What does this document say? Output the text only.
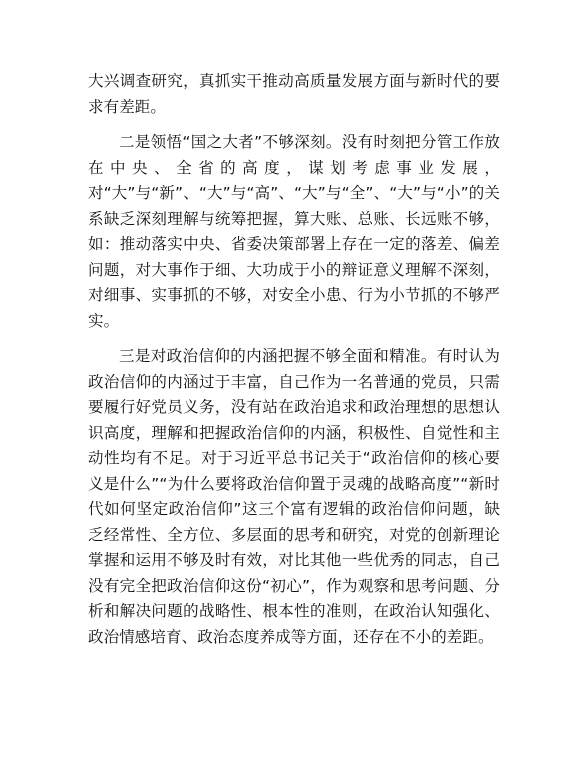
大兴调查研究，真抓实干推动高质量发展方面与新时代的要求有差距。

二是领悟“国之大者”不够深刻。没有时刻把分管工作放在中央、全省的高度，谋划考虑事业发展，对“大”与“新”、“大”与“高”、“大”与“全”、“大”与“小”的关系缺乏深刻理解与统筹把握，算大账、总账、长远账不够，如：推动落实中央、省委决策部署上存在一定的落差、偏差问题，对大事作于细、大功成于小的辩证意义理解不深刻，对细事、实事抓的不够，对安全小患、行为小节抓的不够严实。

三是对政治信仰的内涵把握不够全面和精准。有时认为政治信仰的内涵过于丰富，自己作为一名普通的党员，只需要履行好党员义务，没有站在政治追求和政治理想的思想认识高度，理解和把握政治信仰的内涵，积极性、自觉性和主动性均有不足。对于习近平总书记关于“政治信仰的核心要义是什么”“为什么要将政治信仰置于灵魂的战略高度”“新时代如何坚定政治信仰”这三个富有逻辑的政治信仰问题，缺乏经常性、全方位、多层面的思考和研究，对党的创新理论掌握和运用不够及时有效，对比其他一些优秀的同志，自己没有完全把政治信仰这份“初心”，作为观察和思考问题、分析和解决问题的战略性、根本性的准则，在政治认知强化、政治情感培育、政治态度养成等方面，还存在不小的差距。
